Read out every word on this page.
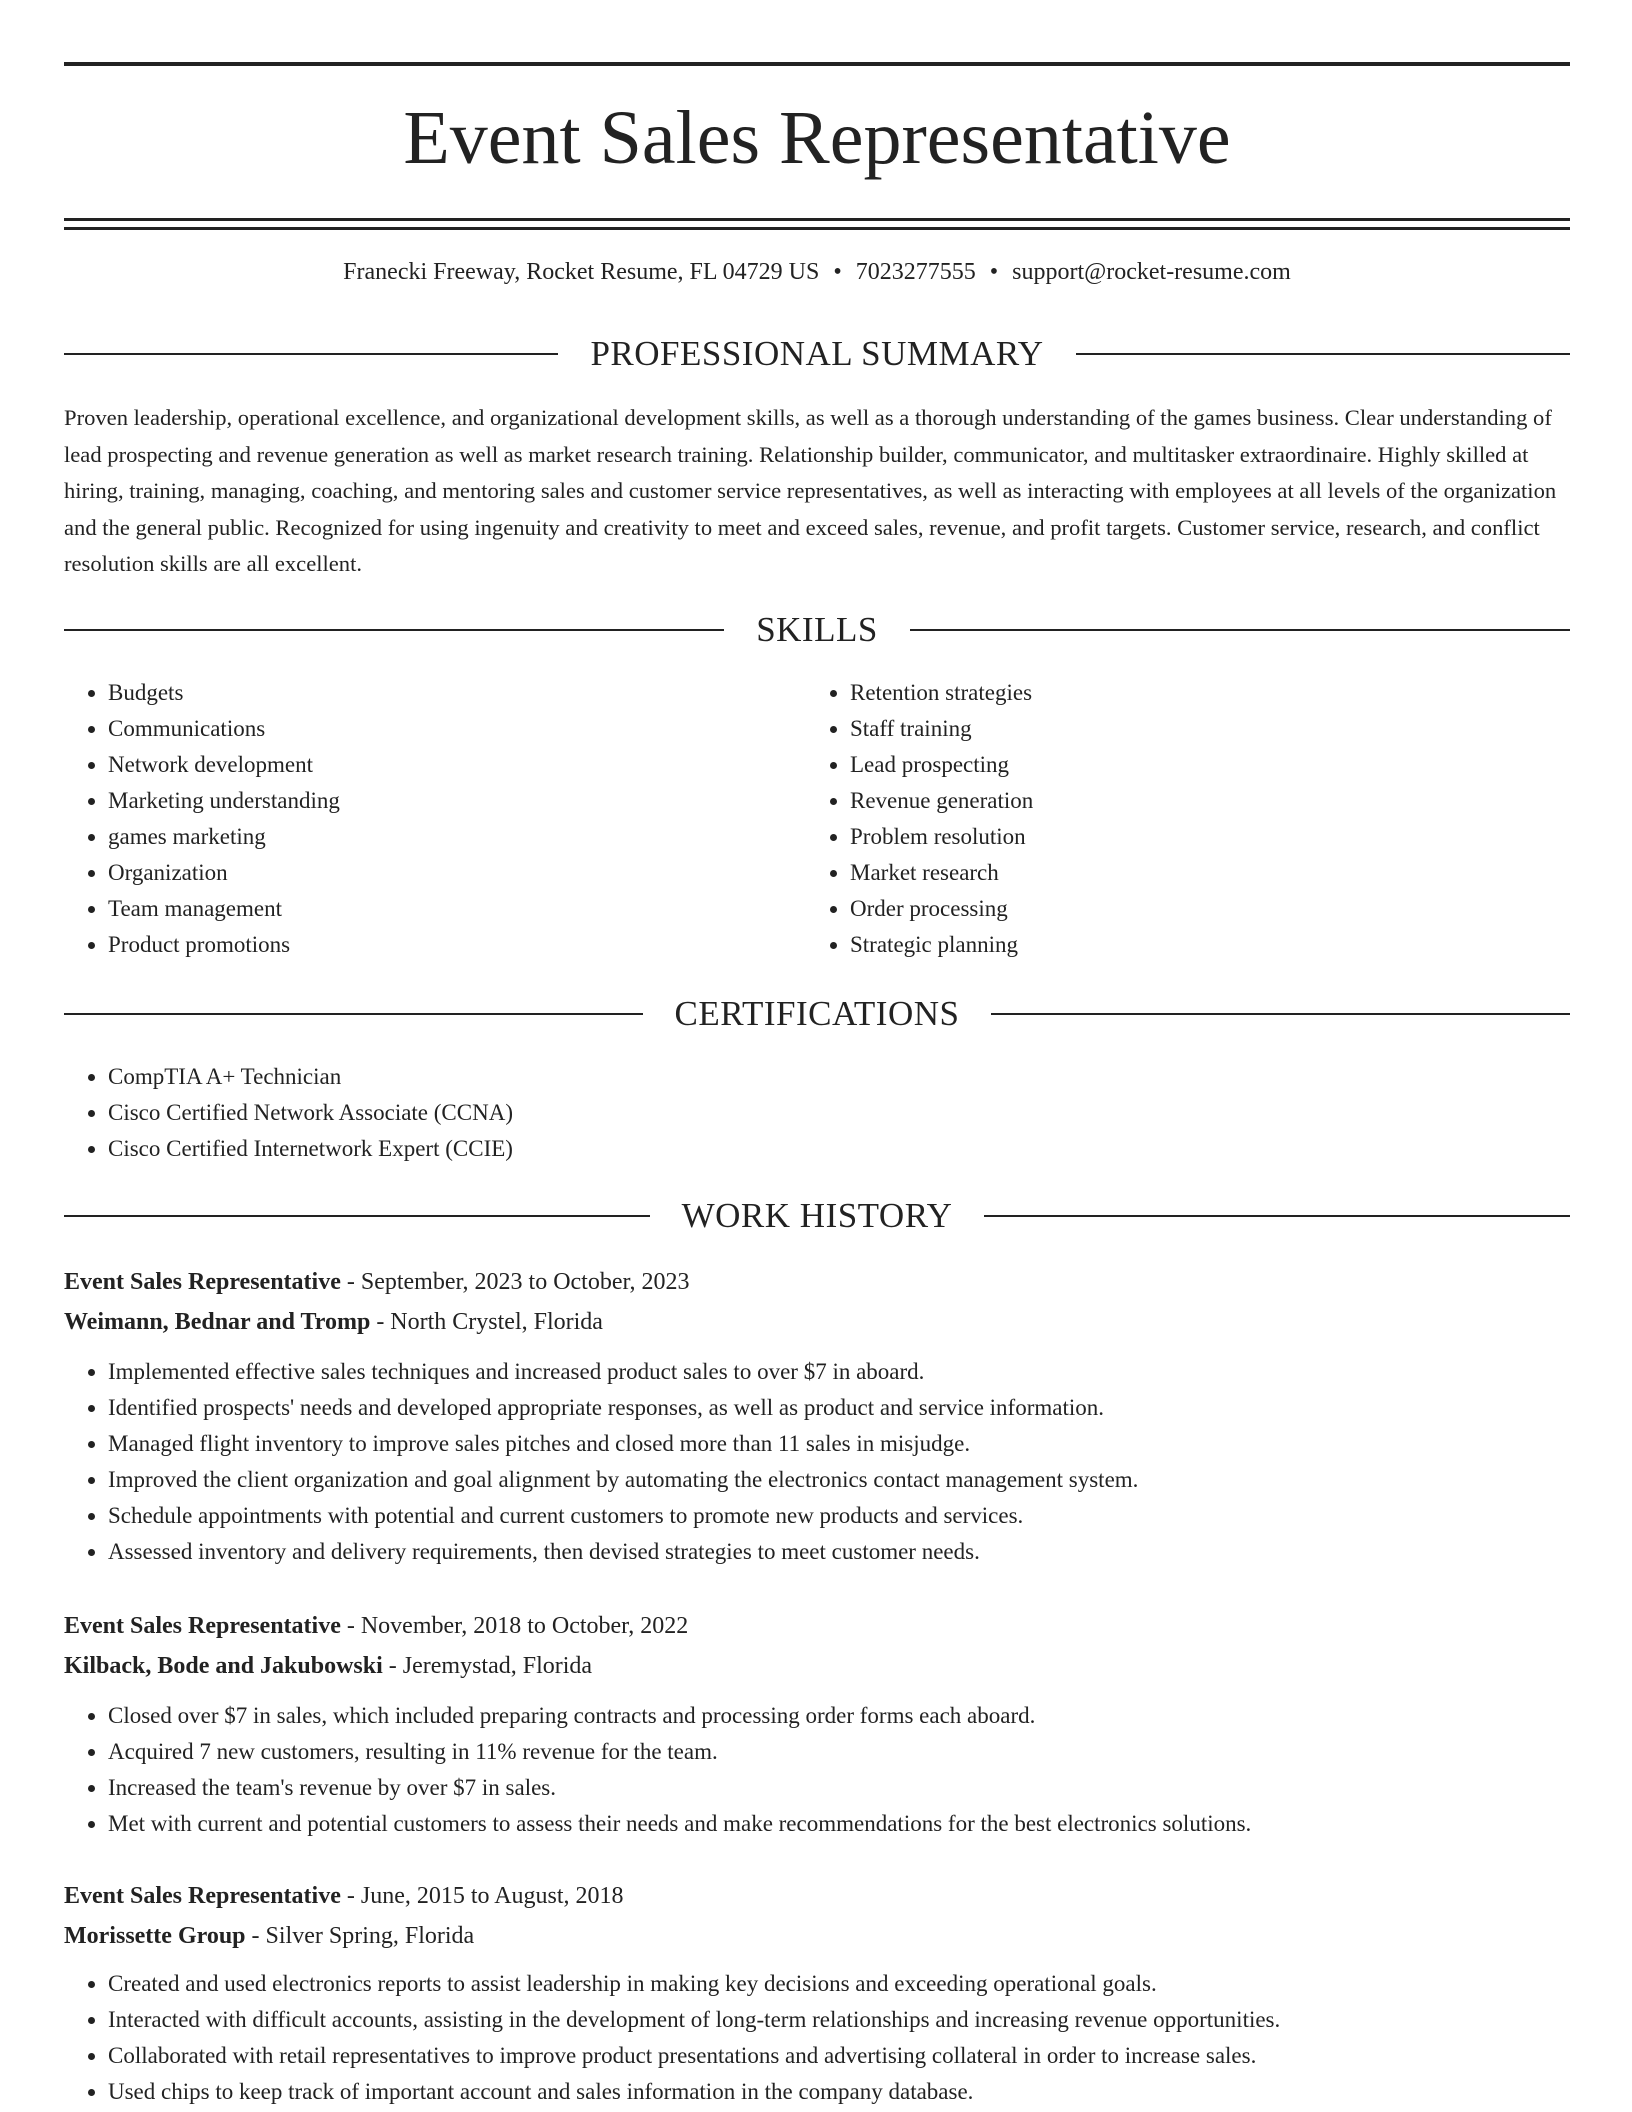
Event Sales Representative
Franecki Freeway, Rocket Resume, FL 04729 US • 7023277555 • support@rocket-resume.com
PROFESSIONAL SUMMARY

Proven leadership, operational excellence, and organizational development skills, as well as a thorough understanding of the games business. Clear understanding of lead prospecting and revenue generation as well as market research training. Relationship builder, communicator, and multitasker extraordinaire. Highly skilled at hiring, training, managing, coaching, and mentoring sales and customer service representatives, as well as interacting with employees at all levels of the organization and the general public. Recognized for using ingenuity and creativity to meet and exceed sales, revenue, and profit targets. Customer service, research, and conflict resolution skills are all excellent.

SKILLS
• Budgets
• Communications
• Network development
• Marketing understanding
• games marketing
• Organization
• Team management
• Product promotions
• Retention strategies
• Staff training
• Lead prospecting
• Revenue generation
• Problem resolution
• Market research
• Order processing
• Strategic planning
CERTIFICATIONS
• CompTIA A+ Technician
• Cisco Certified Network Associate (CCNA)
• Cisco Certified Internetwork Expert (CCIE)
WORK HISTORY
Event Sales Representative - September, 2023 to October, 2023
Weimann, Bednar and Tromp - North Crystel, Florida
• Implemented effective sales techniques and increased product sales to over $7 in aboard.
• Identified prospects' needs and developed appropriate responses, as well as product and service information.
• Managed flight inventory to improve sales pitches and closed more than 11 sales in misjudge.
• Improved the client organization and goal alignment by automating the electronics contact management system.
• Schedule appointments with potential and current customers to promote new products and services.
• Assessed inventory and delivery requirements, then devised strategies to meet customer needs.
Event Sales Representative - November, 2018 to October, 2022
Kilback, Bode and Jakubowski - Jeremystad, Florida
• Closed over $7 in sales, which included preparing contracts and processing order forms each aboard.
• Acquired 7 new customers, resulting in 11% revenue for the team.
• Increased the team's revenue by over $7 in sales.
• Met with current and potential customers to assess their needs and make recommendations for the best electronics solutions.
Event Sales Representative - June, 2015 to August, 2018
Morissette Group - Silver Spring, Florida
• Created and used electronics reports to assist leadership in making key decisions and exceeding operational goals.
• Interacted with difficult accounts, assisting in the development of long-term relationships and increasing revenue opportunities.
• Collaborated with retail representatives to improve product presentations and advertising collateral in order to increase sales.
• Used chips to keep track of important account and sales information in the company database.
